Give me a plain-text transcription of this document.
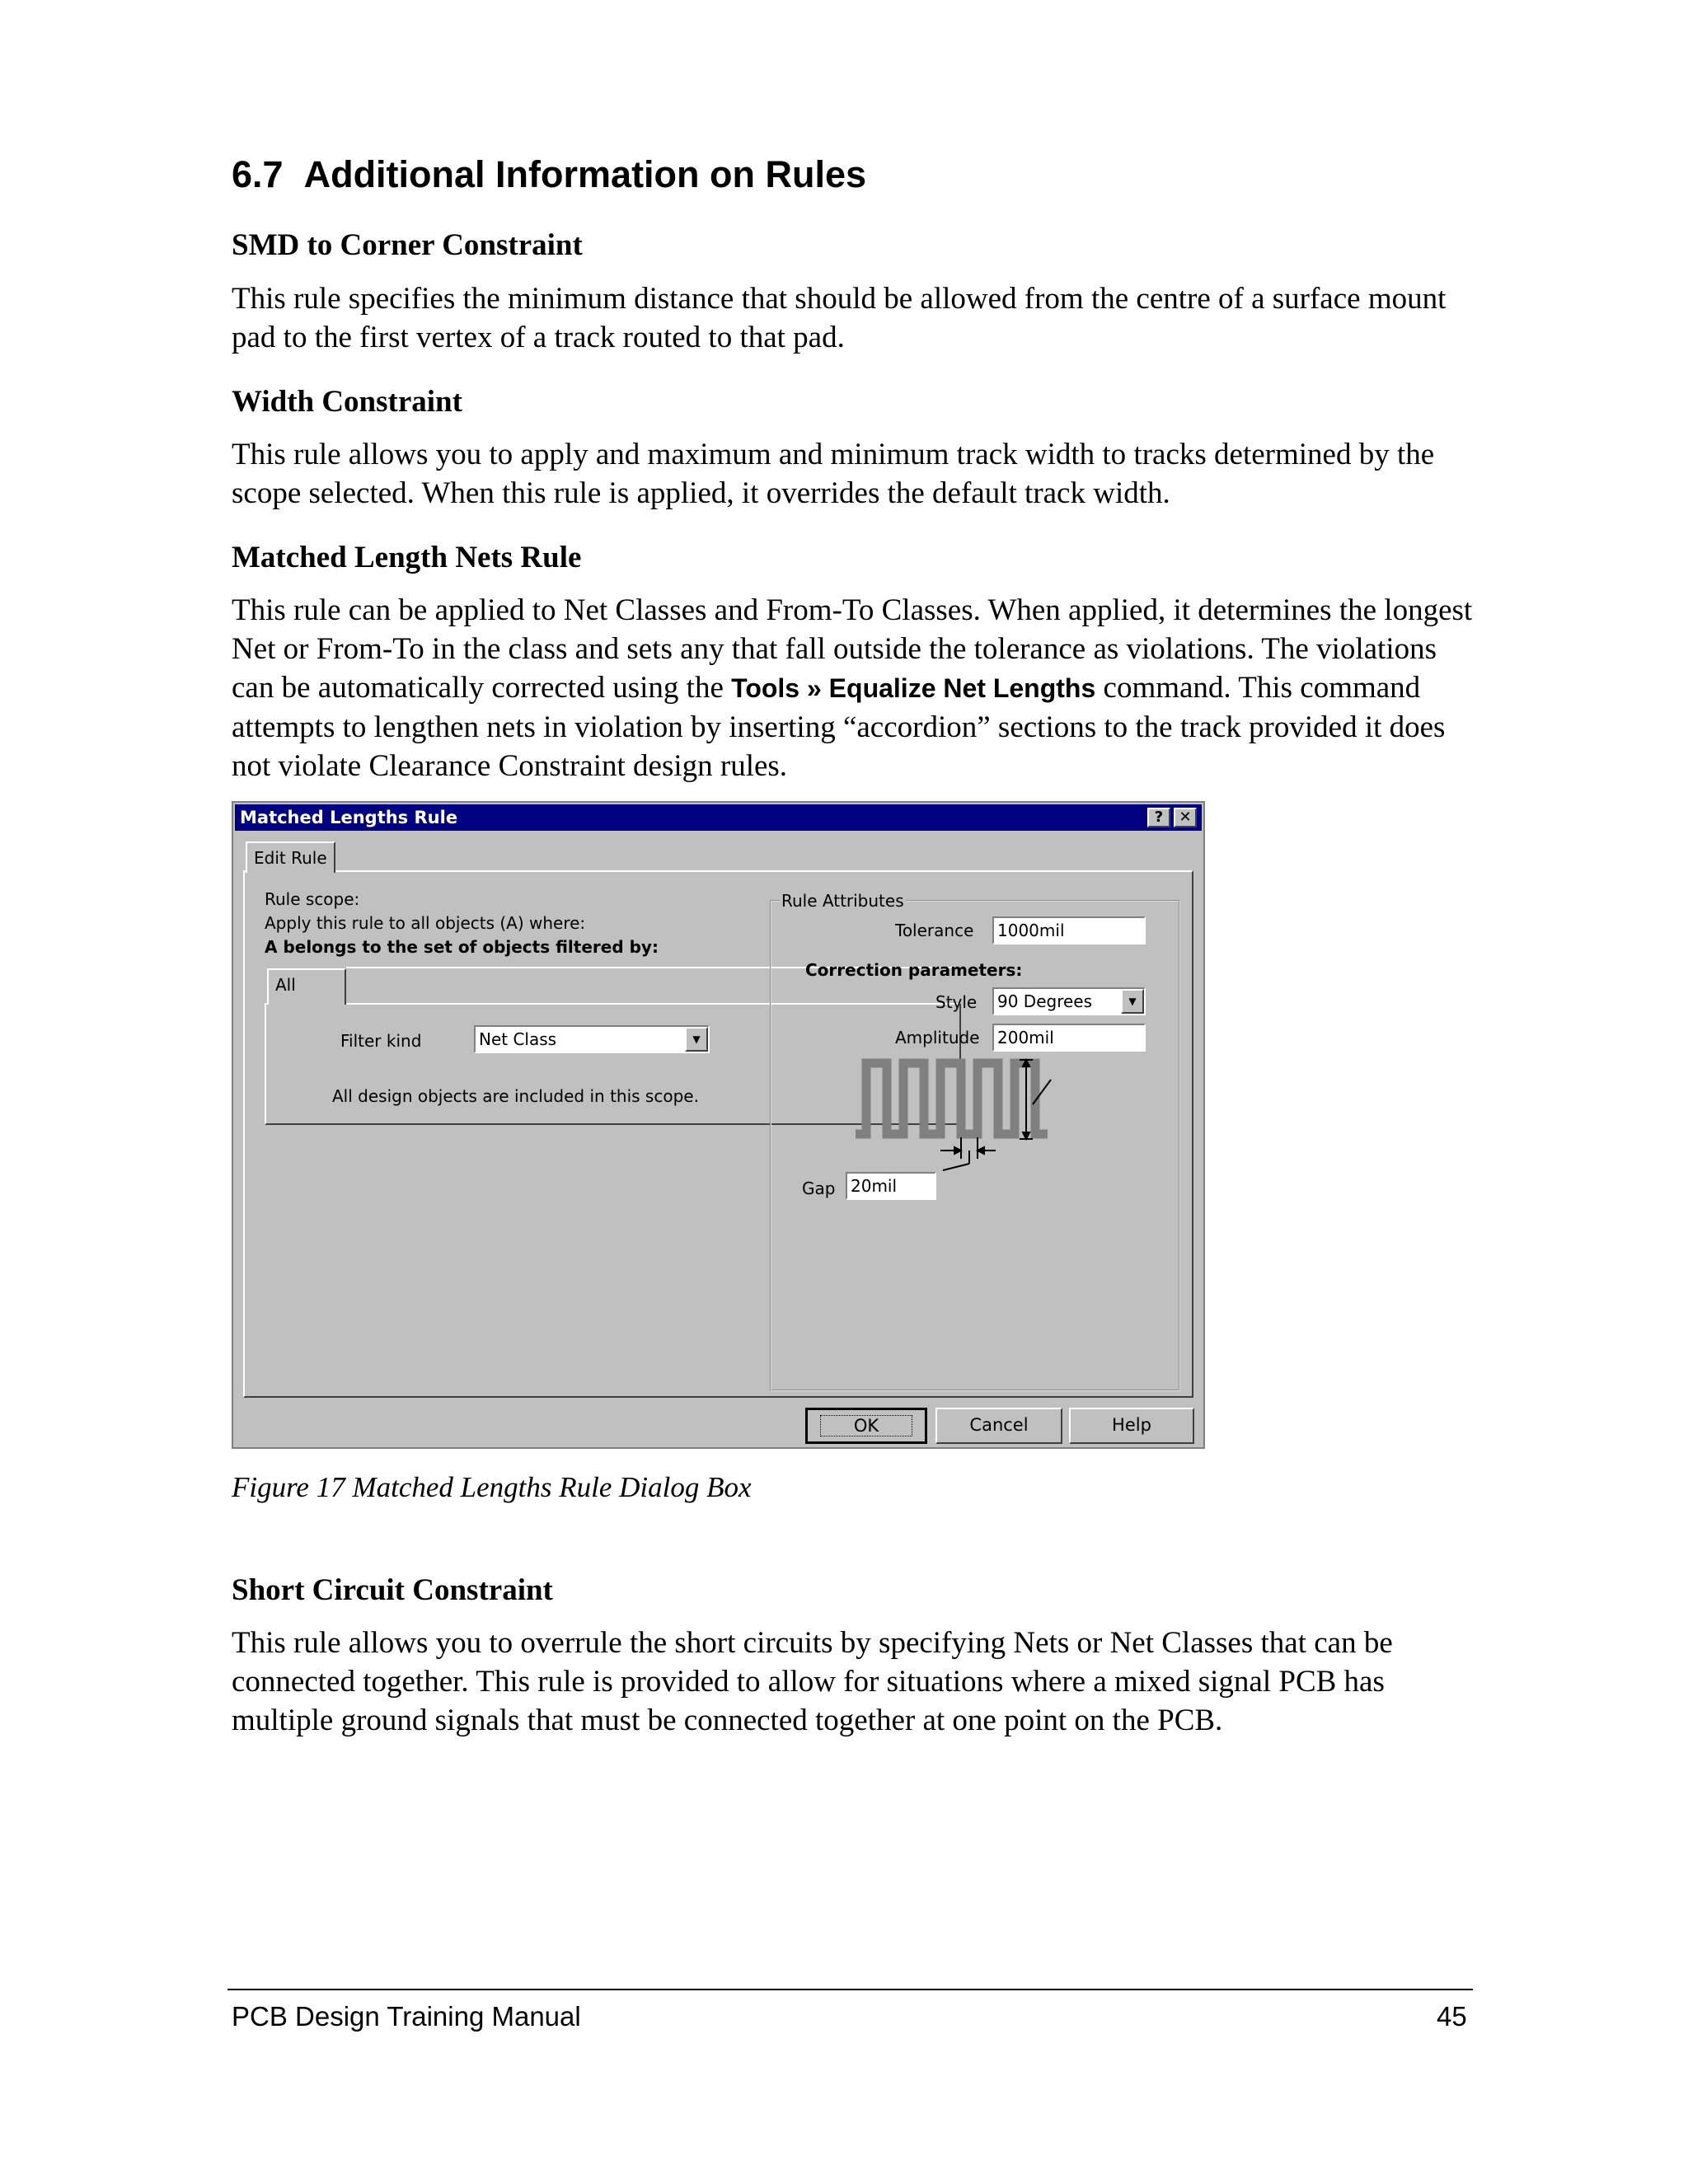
6.7 Additional Information on Rules
SMD to Corner Constraint

This rule specifies the minimum distance that should be allowed from the centre of a surface mount pad to the first vertex of a track routed to that pad.

Width Constraint

This rule allows you to apply and maximum and minimum track width to tracks determined by the scope selected. When this rule is applied, it overrides the default track width.

Matched Length Nets Rule

This rule can be applied to Net Classes and From-To Classes. When applied, it determines the longest Net or From-To in the class and sets any that fall outside the tolerance as violations. The violations can be automatically corrected using the Tools » Equalize Net Lengths command. This command attempts to lengthen nets in violation by inserting “accordion” sections to the track provided it does not violate Clearance Constraint design rules.

Matched Lengths Rule	?	✕
Edit Rule
Rule scope:
Apply this rule to all objects (A) where:
A belongs to the set of objects filtered by:
All
Filter kind	Net Class	▼
All design objects are included in this scope.
Rule Attributes
Tolerance	1000mil
Correction parameters:
Style	90 Degrees	▼
Amplitude	200mil
Gap 20mil
OK	Cancel	Help
Figure 17 Matched Lengths Rule Dialog Box
Short Circuit Constraint

This rule allows you to overrule the short circuits by specifying Nets or Net Classes that can be connected together. This rule is provided to allow for situations where a mixed signal PCB has multiple ground signals that must be connected together at one point on the PCB.

PCB Design Training Manual	45
